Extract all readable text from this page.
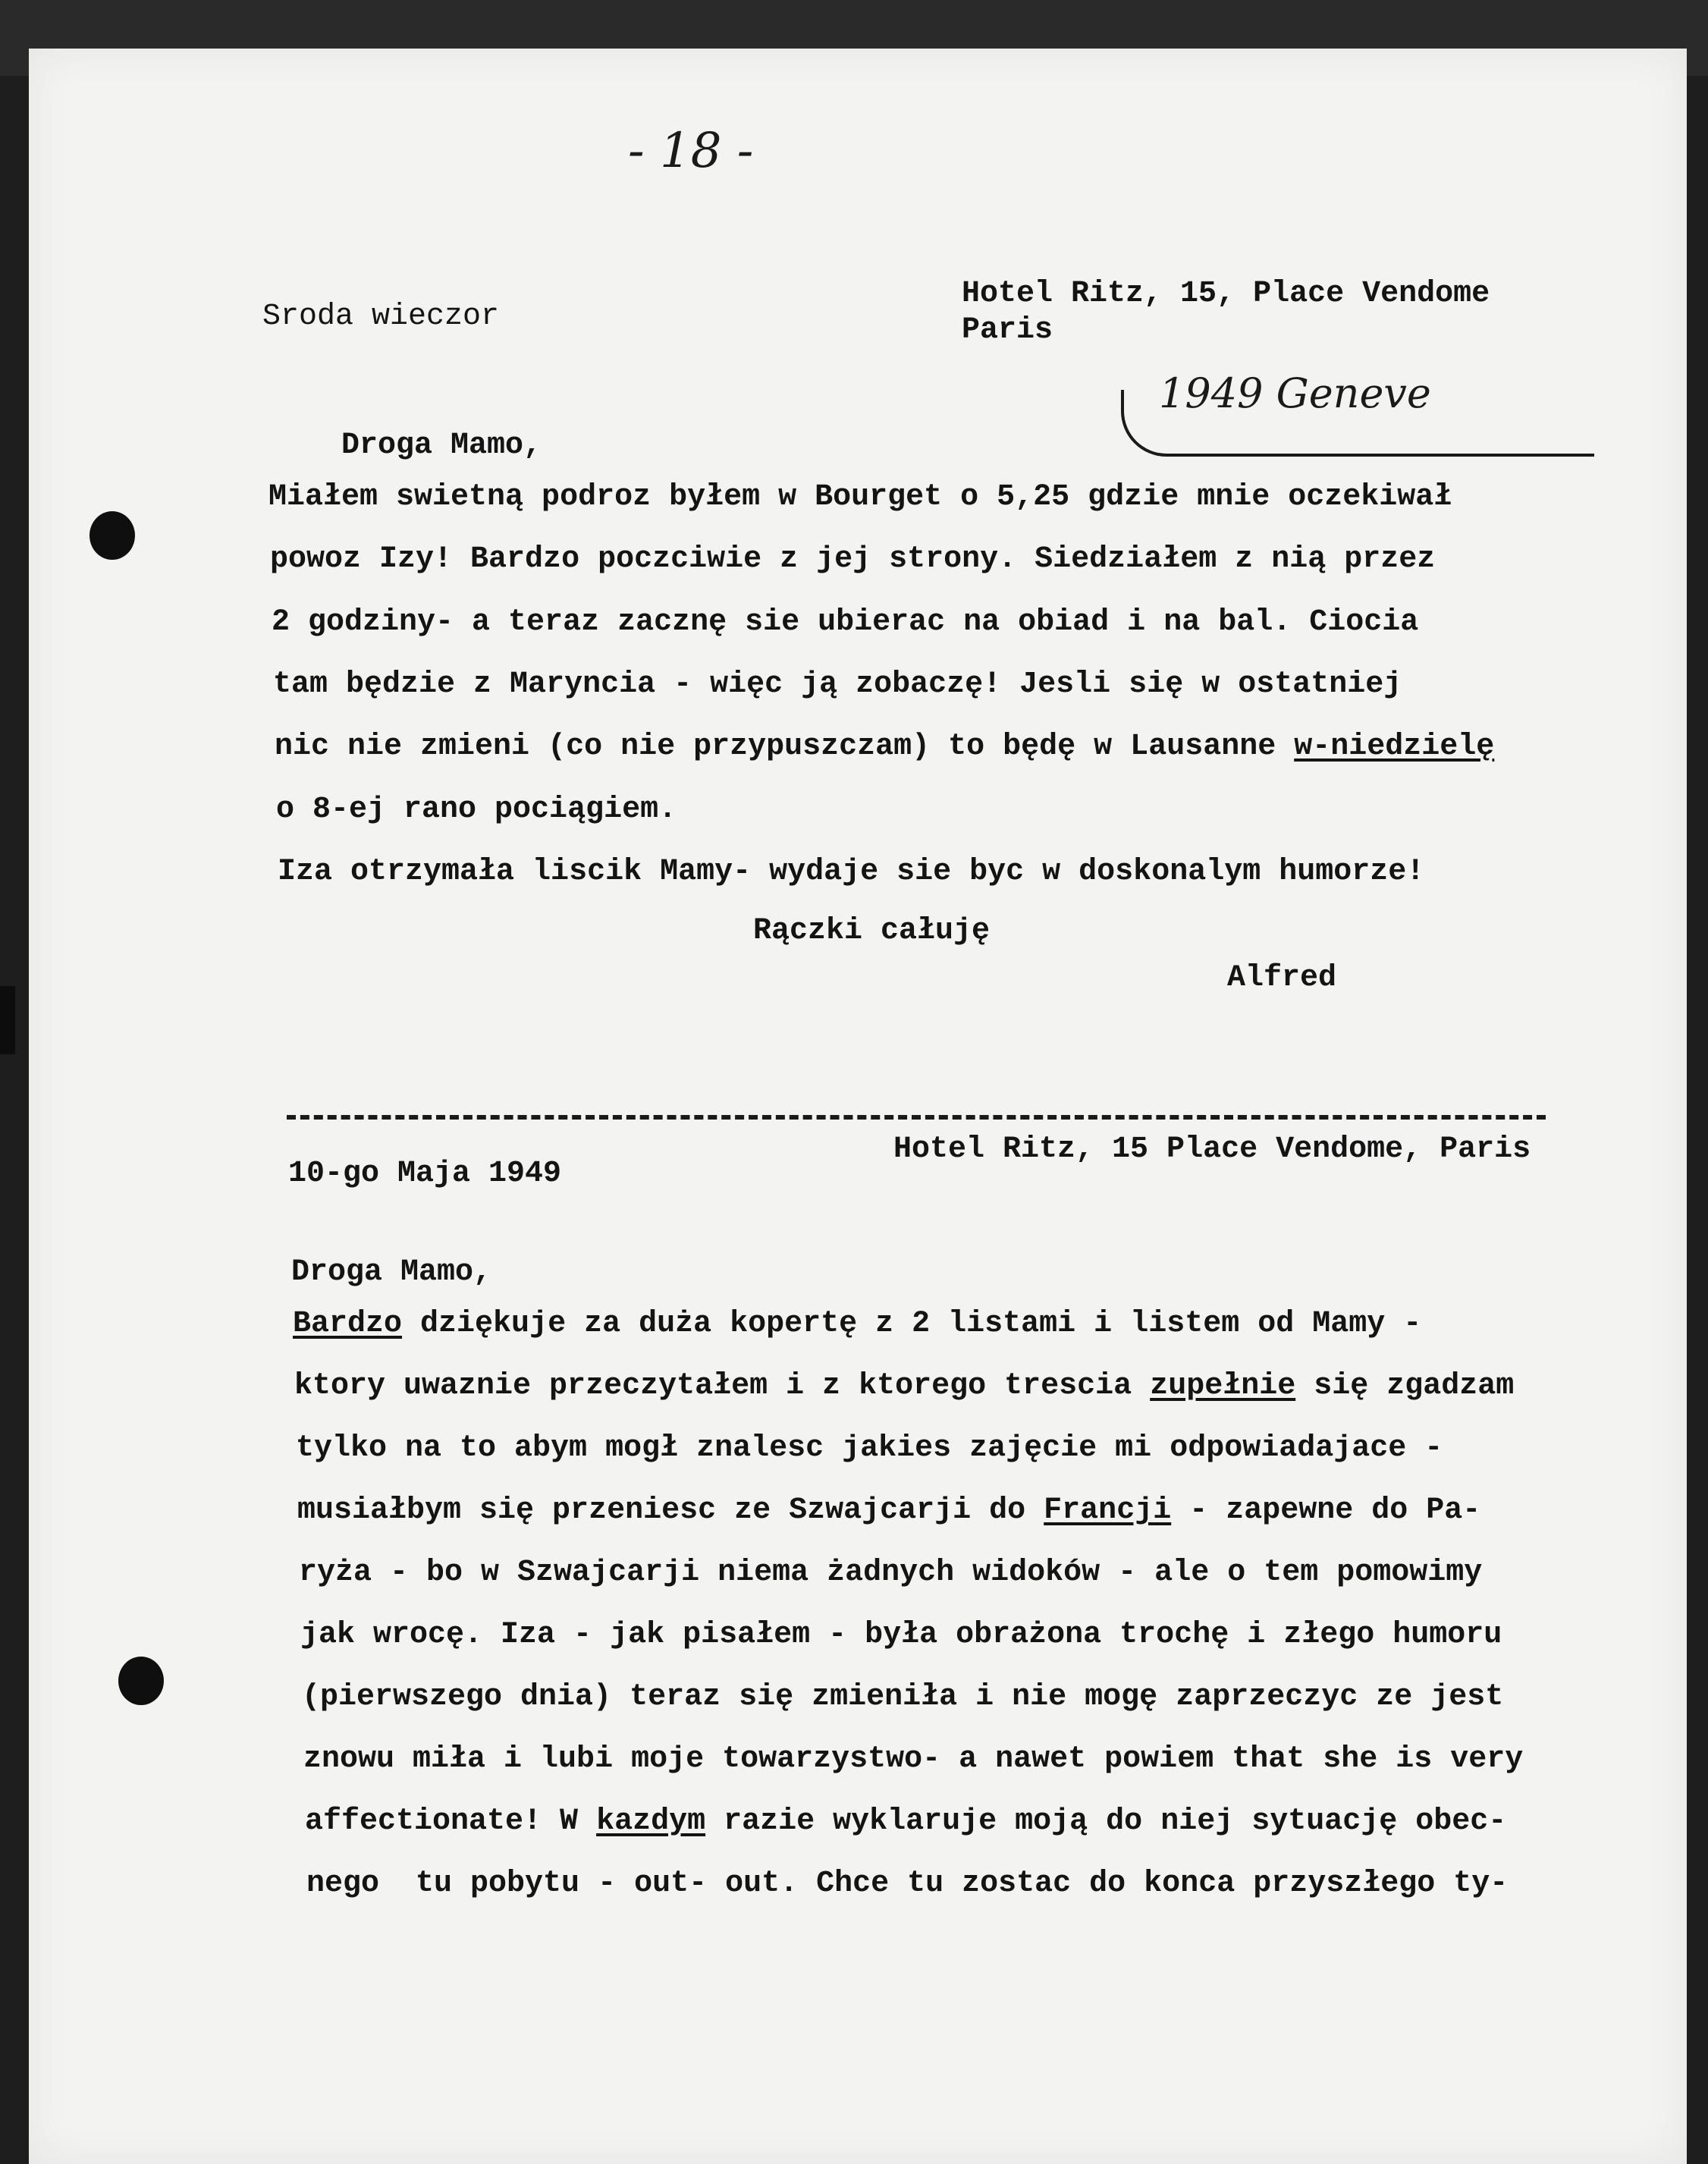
- 18 -
Sroda wieczor
Hotel Ritz, 15, Place Vendome
Paris
1949 Geneve
Droga Mamo,
Miałem swietną podroz byłem w Bourget o 5,25 gdzie mnie oczekiwał
powoz Izy! Bardzo poczciwie z jej strony. Siedziałem z nią przez
2 godziny- a teraz zacznę sie ubierac na obiad i na bal. Ciocia
tam będzie z Maryncia - więc ją zobaczę! Jesli się w ostatniej
nic nie zmieni (co nie przypuszczam) to będę w Lausanne w-niedzielę
o 8-ej rano pociągiem.
Iza otrzymała liscik Mamy- wydaje sie byc w doskonalym humorze!
Rączki całuję
Alfred
10-go Maja 1949
Hotel Ritz, 15 Place Vendome, Paris
Droga Mamo,
Bardzo dziękuje za duża kopertę z 2 listami i listem od Mamy -
ktory uwaznie przeczytałem i z ktorego trescia zupełnie się zgadzam
tylko na to abym mogł znalesc jakies zajęcie mi odpowiadajace -
musiałbym się przeniesc ze Szwajcarji do Francji - zapewne do Pa-
ryża - bo w Szwajcarji niema żadnych widoków - ale o tem pomowimy
jak wrocę. Iza - jak pisałem - była obrażona trochę i złego humoru
(pierwszego dnia) teraz się zmieniła i nie mogę zaprzeczyc ze jest
znowu miła i lubi moje towarzystwo- a nawet powiem that she is very
affectionate! W kazdym razie wyklaruje moją do niej sytuację obec-
nego  tu pobytu - out- out. Chce tu zostac do konca przyszłego ty-
